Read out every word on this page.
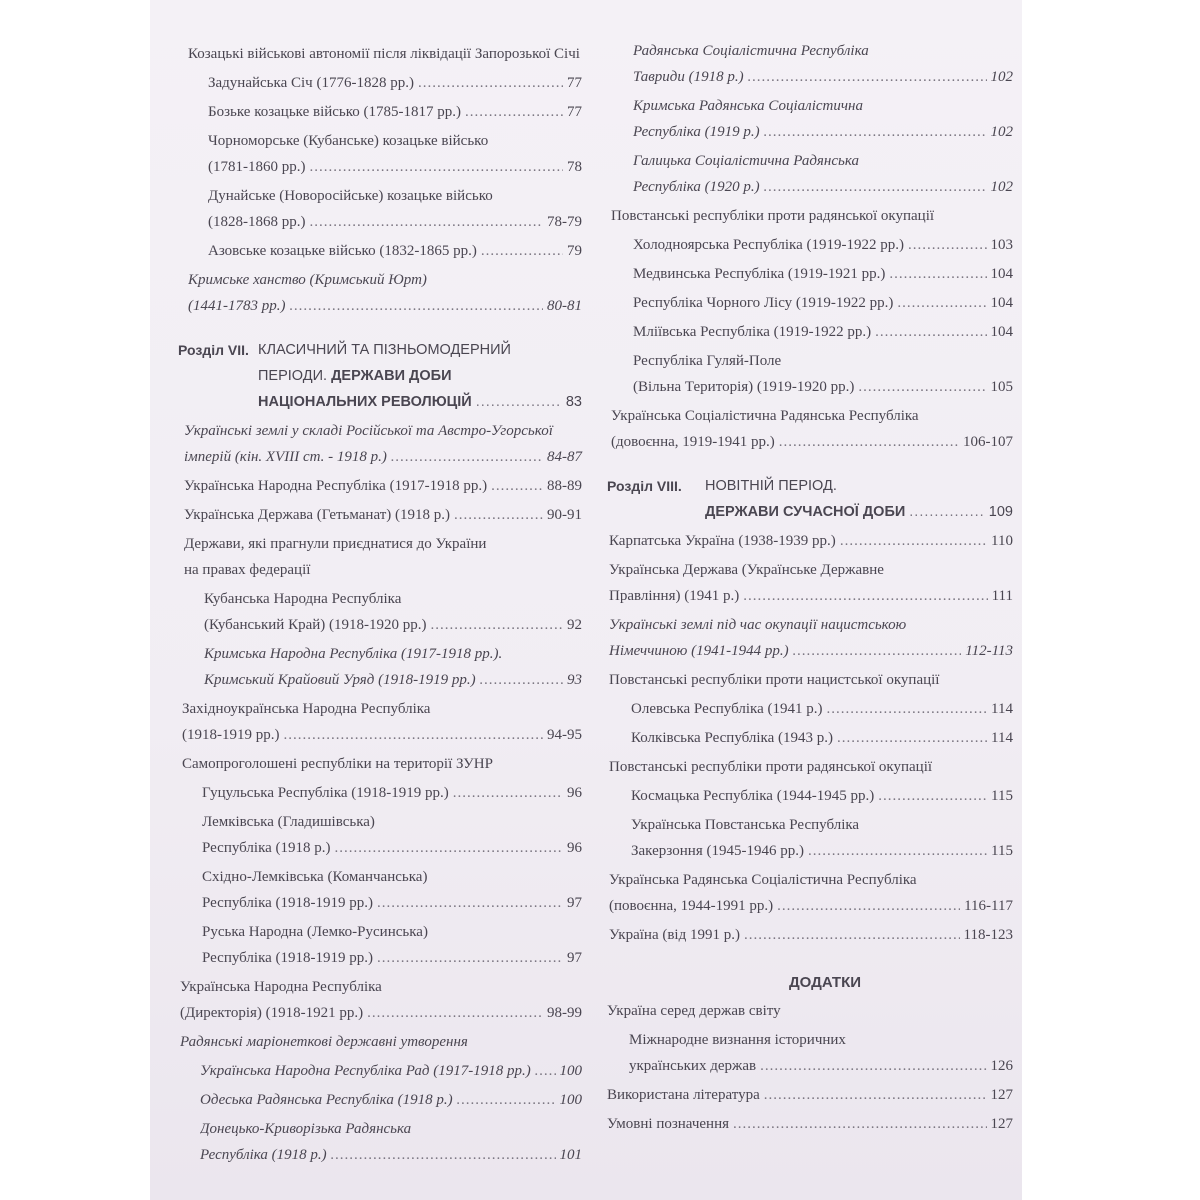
Козацькі військові автономії після ліквідації Запорозької Січі
Задунайська Січ (1776-1828 рр.) .....	77
Бозьке козацьке військо (1785-1817 рр.) .....	77
Чорноморське (Кубанське) козацьке військо
(1781-1860 рр.) .....	78
Дунайське (Новоросійське) козацьке військо
(1828-1868 рр.) .....	78-79
Азовське козацьке військо (1832-1865 рр.) .....	79
Кримське ханство (Кримський Юрт)
(1441-1783 рр.) .....	80-81
Розділ VII. КЛАСИЧНИЙ ТА ПІЗНЬОМОДЕРНИЙ
ПЕРІОДИ. ДЕРЖАВИ ДОБИ
НАЦІОНАЛЬНИХ РЕВОЛЮЦІЙ .....	83
Українські землі у складі Російської та Австро-Угорської
імперій (кін. XVIII ст. - 1918 р.) .....	84-87
Українська Народна Республіка (1917-1918 рр.) .....	88-89
Українська Держава (Гетьманат) (1918 р.) .....	90-91
Держави, які прагнули приєднатися до України
на правах федерації
Кубанська Народна Республіка
(Кубанський Край) (1918-1920 рр.) .....	92
Кримська Народна Республіка (1917-1918 рр.).
Кримський Крайовий Уряд (1918-1919 рр.) .....	93
Західноукраїнська Народна Республіка
(1918-1919 рр.) .....	94-95
Самопроголошені республіки на території ЗУНР
Гуцульська Республіка (1918-1919 рр.) .....	96
Лемківська (Гладишівська)
Республіка (1918 р.) .....	96
Східно-Лемківська (Команчанська)
Республіка (1918-1919 рр.) .....	97
Руська Народна (Лемко-Русинська)
Республіка (1918-1919 рр.) .....	97
Українська Народна Республіка
(Директорія) (1918-1921 рр.) .....	98-99
Радянські маріонеткові державні утворення
Українська Народна Республіка Рад (1917-1918 рр.) ..... 100
Одеська Радянська Республіка (1918 р.) .....	100
Донецько-Криворізька Радянська
Республіка (1918 р.) .....	101
Радянська Соціалістична Республіка
Тавриди (1918 р.) .....	102
Кримська Радянська Соціалістична
Республіка (1919 р.) .....	102
Галицька Соціалістична Радянська
Республіка (1920 р.) .....	102
Повстанські республіки проти радянської окупації
Холодноярська Республіка (1919-1922 рр.) .....	103
Медвинська Республіка (1919-1921 рр.) .....	104
Республіка Чорного Лісу (1919-1922 рр.) .....	104
Мліївська Республіка (1919-1922 рр.) .....	104
Республіка Гуляй-Поле
(Вільна Територія) (1919-1920 рр.) .....	105
Українська Соціалістична Радянська Республіка
(довоєнна, 1919-1941 рр.) .....	106-107
Розділ VIII. НОВІТНІЙ ПЕРІОД.
ДЕРЖАВИ СУЧАСНОЇ ДОБИ .....	109
Карпатська Україна (1938-1939 рр.) .....	110
Українська Держава (Українське Державне
Правління) (1941 р.) .....	111
Українські землі під час окупації нацистською
Німеччиною (1941-1944 рр.) .....	112-113
Повстанські республіки проти нацистської окупації
Олевська Республіка (1941 р.) .....	114
Колківська Республіка (1943 р.) .....	114
Повстанські республіки проти радянської окупації
Космацька Республіка (1944-1945 рр.) .....	115
Українська Повстанська Республіка
Закерзоння (1945-1946 рр.) .....	115
Українська Радянська Соціалістична Республіка
(повоєнна, 1944-1991 рр.) .....	116-117
Україна (від 1991 р.) .....	118-123
ДОДАТКИ
Україна серед держав світу
Міжнародне визнання історичних
українських держав .....	126
Використана література .....	127
Умовні позначення .....	127
